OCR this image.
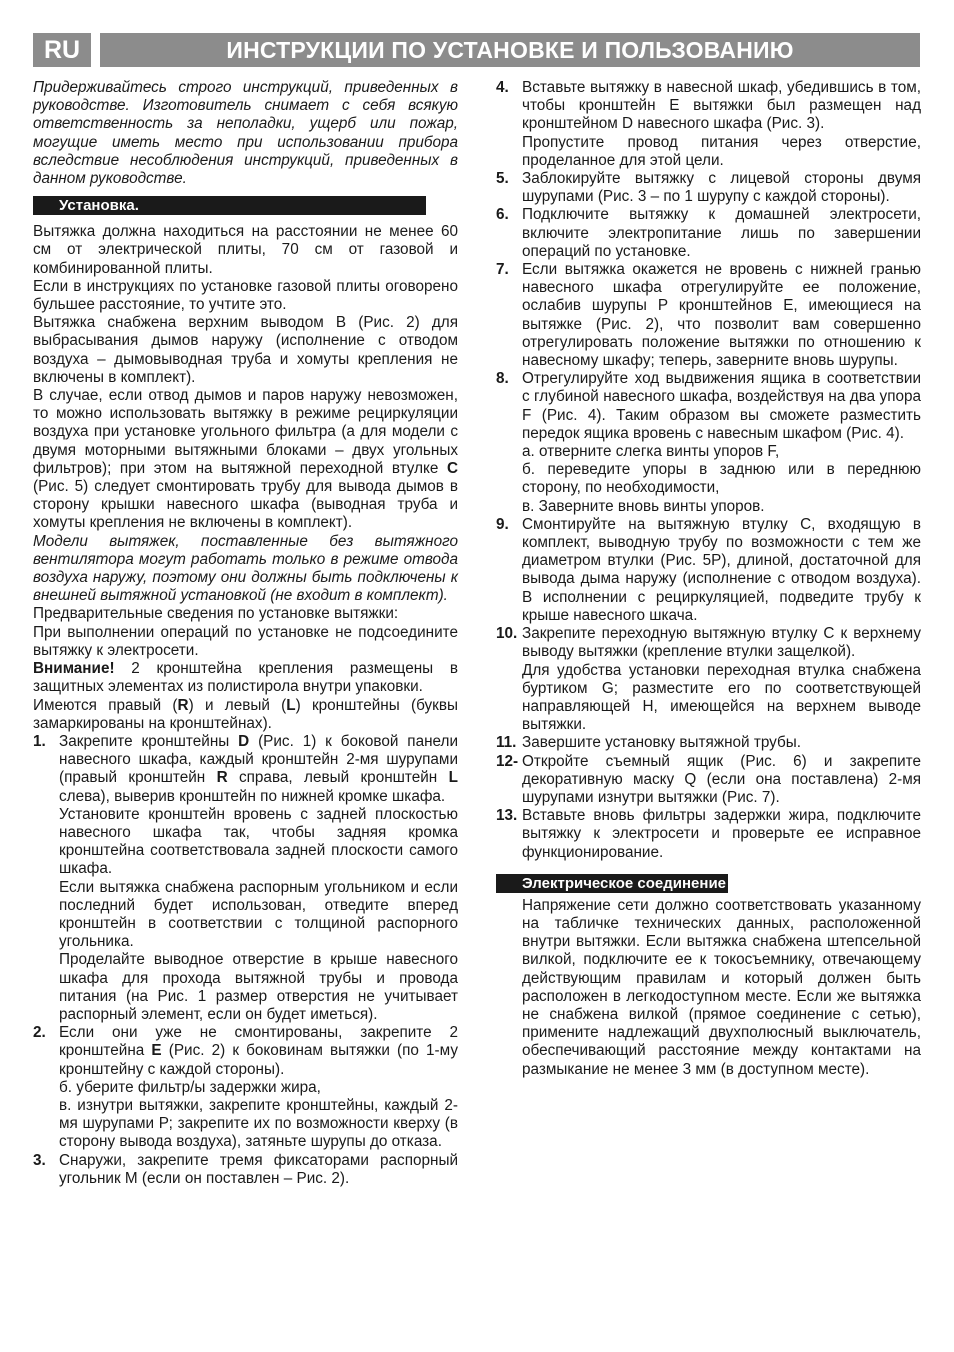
RU	ИНСТРУКЦИИ ПО УСТАНОВКЕ И ПОЛЬЗОВАНИЮ

Придерживайтесь строго инструкций, приведенных в руководстве. Изготовитель снимает с себя всякую ответственность за неполадки, ущерб или пожар, могущие иметь место при использовании прибора вследствие несоблюдения инструкций, приведенных в данном руководстве.

Установка.

Вытяжка должна находиться на расстоянии не менее 60 см от электрической плиты, 70 см от газовой и комбинированной плиты.

Если в инструкциях по установке газовой плиты оговорено бульшее расстояние, то учтите это.

Вытяжка снабжена верхним выводом В (Рис. 2) для выбрасывания дымов наружу (исполнение с отводом воздуха – дымовыводная труба и хомуты крепления не включены в комплект).

В случае, если отвод дымов и паров наружу невозможен, то можно использовать вытяжку в режиме рециркуляции воздуха при установке угольного фильтра (а для модели с двумя моторными вытяжными блоками – двух угольных фильтров); при этом на вытяжной переходной втулке C (Рис. 5) следует смонтировать трубу для вывода дымов в сторону крышки навесного шкафа (выводная труба и хомуты крепления не включены в комплект).

Модели вытяжек, поставленные без вытяжного вентилятора могут работать только в режиме отвода воздуха наружу, поэтому они должны быть подключены к внешней вытяжной установкой (не входит в комплект).

Предварительные сведения по установке вытяжки:

При выполнении операций по установке не подсоедините вытяжку к электросети.

Внимание! 2 кронштейна крепления размещены в защитных элементах из полистирола внутри упаковки.

Имеются правый (R) и левый (L) кронштейны (буквы замаркированы на кронштейнах).

1. Закрепите кронштейны D (Рис. 1) к боковой панели навесного шкафа, каждый кронштейн 2-мя шурупами (правый кронштейн R справа, левый кронштейн L слева), выверив кронштейн по нижней кромке шкафа.
Установите кронштейн вровень с задней плоскостью навесного шкафа так, чтобы задняя кромка кронштейна соответствовала задней плоскости самого шкафа.
Если вытяжка снабжена распорным угольником и если последний будет использован, отведите вперед кронштейн в соответствии с толщиной распорного угольника.
Проделайте выводное отверстие в крыше навесного шкафа для прохода вытяжной трубы и провода питания (на Рис. 1 размер отверстия не учитывает распорный элемент, если он будет иметься).
2. Если они уже не смонтированы, закрепите 2 кронштейна E (Рис. 2) к боковинам вытяжки (по 1-му кронштейну с каждой стороны).
б. уберите фильтр/ы задержки жира,
в. изнутри вытяжки, закрепите кронштейны, каждый 2-мя шурупами Р; закрепите их по возможности кверху (в сторону вывода воздуха), затяньте шурупы до отказа.
3. Снаружи, закрепите тремя фиксаторами распорный угольник М (если он поставлен – Рис. 2).
4. Вставьте вытяжку в навесной шкаф, убедившись в том, чтобы кронштейн Е вытяжки был размещен над кронштейном D навесного шкафа (Рис. 3).
Пропустите провод питания через отверстие, проделанное для этой цели.
5. Заблокируйте вытяжку с лицевой стороны двумя шурупами (Рис. 3 – по 1 шурупу с каждой стороны).
6. Подключите вытяжку к домашней электросети, включите электропитание лишь по завершении операций по установке.
7. Если вытяжка окажется не вровень с нижней гранью навесного шкафа отрегулируйте ее положение, ослабив шурупы Р кронштейнов Е, имеющиеся на вытяжке (Рис. 2), что позволит вам совершенно отрегулировать положение вытяжки по отношению к навесному шкафу; теперь, заверните вновь шурупы.
8. Отрегулируйте ход выдвижения ящика в соответствии с глубиной навесного шкафа, воздействуя на два упора F (Рис. 4). Таким образом вы сможете разместить передок ящика вровень с навесным шкафом (Рис. 4).
а. отверните слегка винты упоров F,
б. переведите упоры в заднюю или в переднюю сторону, по необходимости,
в. Заверните вновь винты упоров.
9. Смонтируйте на вытяжную втулку С, входящую в комплект, выводную трубу по возможности с тем же диаметром втулки (Рис. 5Р), длиной, достаточной для вывода дыма наружу (исполнение с отводом воздуха). В исполнении с рециркуляцией, подведите трубу к крыше навесного шкача.
10. Закрепите переходную вытяжную втулку С к верхнему выводу вытяжки (крепление втулки защелкой).
Для удобства установки переходная втулка снабжена буртиком G; разместите его по соответствующей направляющей Н, имеющейся на верхнем выводе вытяжки.
11. Завершите установку вытяжной трубы.
12- Откройте съемный ящик (Рис. 6) и закрепите декоративную маску Q (если она поставлена) 2-мя шурупами изнутри вытяжки (Рис. 7).
13. Вставьте вновь фильтры задержки жира, подключите вытяжку к электросети и проверьте ее исправное функционирование.
Электрическое соединение

Напряжение сети должно соответствовать указанному на табличке технических данных, расположенной внутри вытяжки. Если вытяжка снабжена штепсельной вилкой, подключите ее к токосъемнику, отвечающему действующим правилам и который должен быть расположен в легкодоступном месте. Если же вытяжка не снабжена вилкой (прямое соединение с сетью), примените надлежащий двухполюсный выключатель, обеспечивающий расстояние между контактами на размыкание не менее 3 мм (в доступном месте).
